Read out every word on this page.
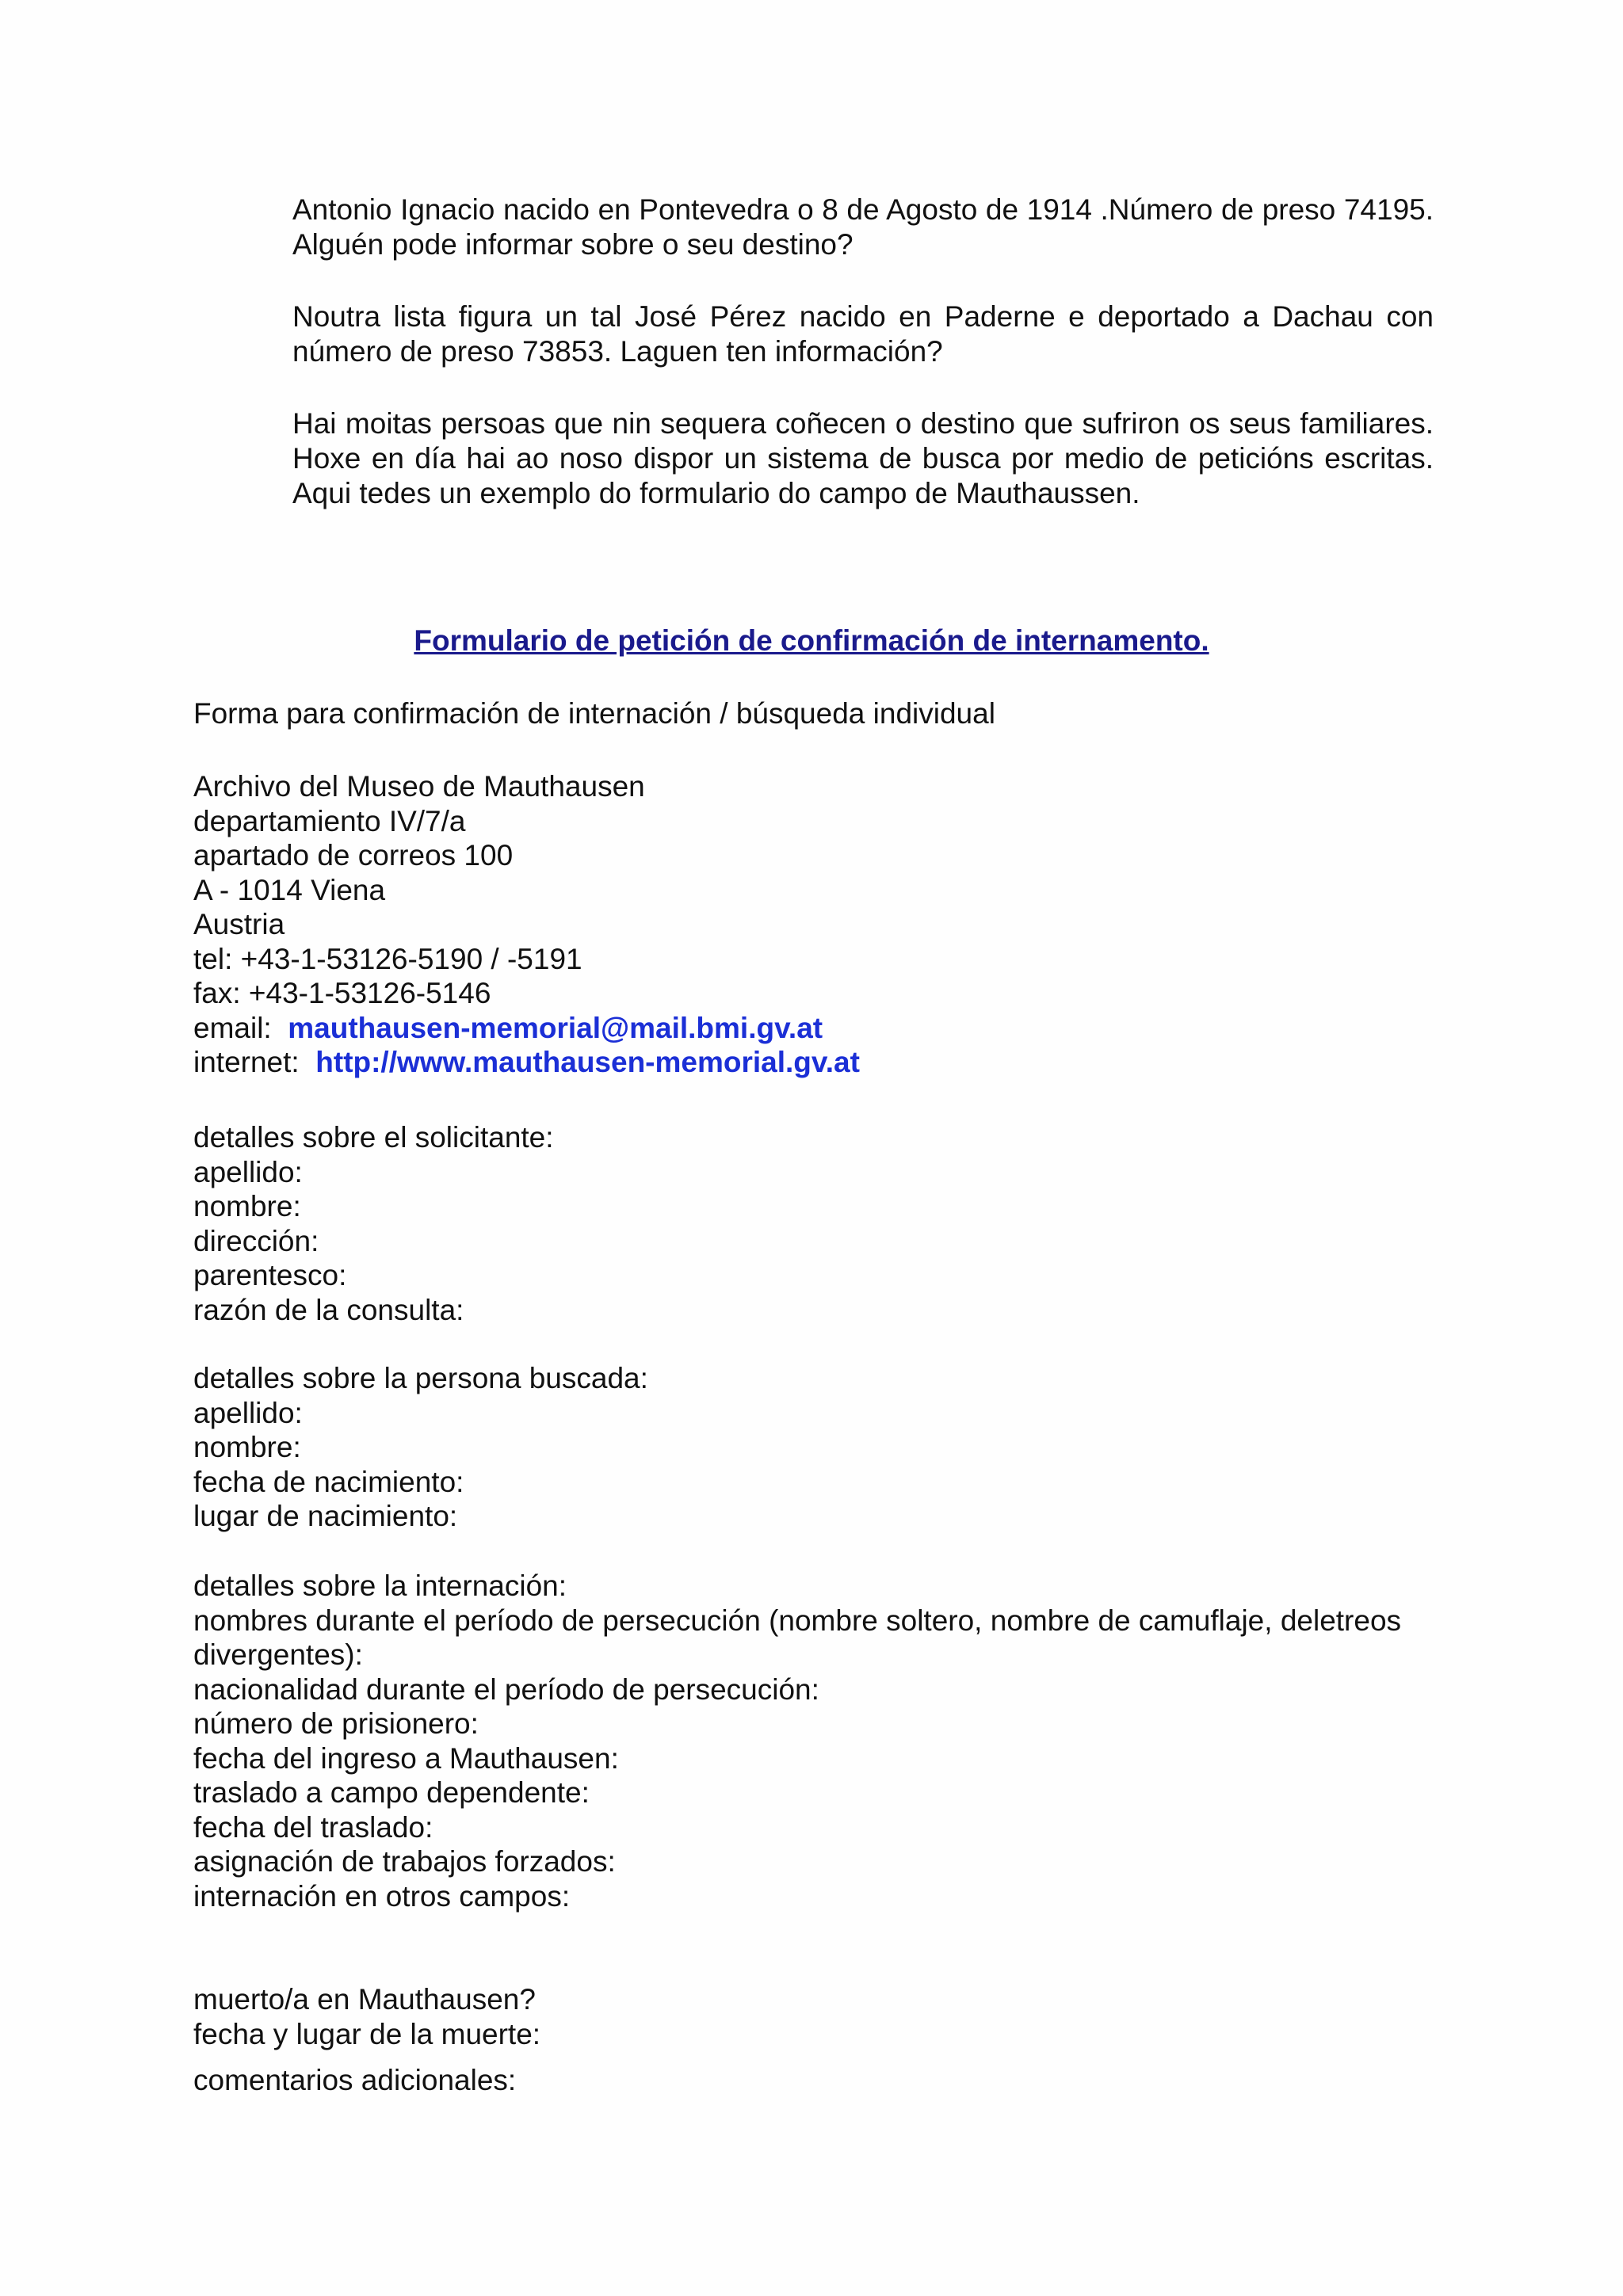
Antonio Ignacio nacido en Pontevedra o 8 de Agosto de 1914 .Número de preso 74195. Alguén pode informar sobre o seu destino?

Noutra lista figura un tal José Pérez nacido en Paderne e deportado a Dachau con número de preso 73853. Laguen ten información?

Hai moitas persoas que nin sequera coñecen o destino que sufriron os seus familiares. Hoxe en día hai ao noso dispor un sistema de busca por medio de peticións escritas. Aqui tedes un exemplo do formulario do campo de Mauthaussen.

Formulario de petición de confirmación de internamento.
Forma para confirmación de internación / búsqueda individual
Archivo del Museo de Mauthausen
departamiento IV/7/a
apartado de correos 100
A - 1014 Viena
Austria
tel: +43-1-53126-5190 / -5191
fax: +43-1-53126-5146
email: mauthausen-memorial@mail.bmi.gv.at
internet: http://www.mauthausen-memorial.gv.at
detalles sobre el solicitante:
apellido:
nombre:
dirección:
parentesco:
razón de la consulta:
detalles sobre la persona buscada:
apellido:
nombre:
fecha de nacimiento:
lugar de nacimiento:
detalles sobre la internación:
nombres durante el período de persecución (nombre soltero, nombre de camuflaje, deletreos divergentes):
nacionalidad durante el período de persecución:
número de prisionero:
fecha del ingreso a Mauthausen:
traslado a campo dependente:
fecha del traslado:
asignación de trabajos forzados:
internación en otros campos:
muerto/a en Mauthausen?
fecha y lugar de la muerte:
comentarios adicionales:
